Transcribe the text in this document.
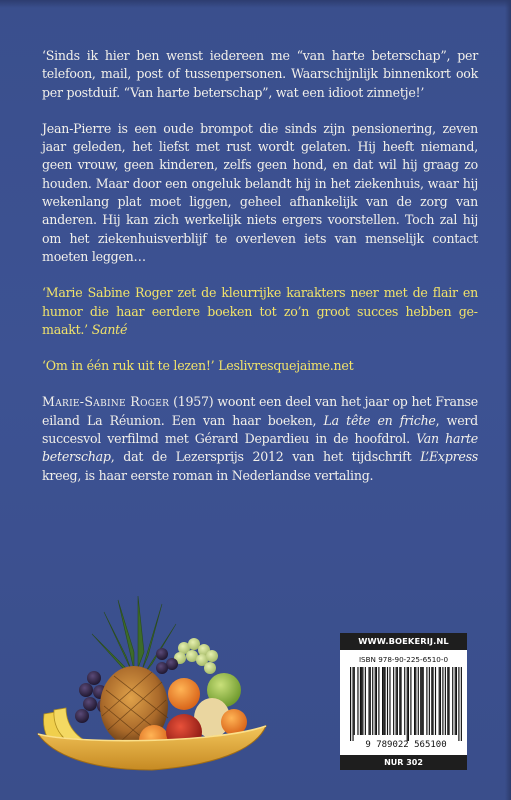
‘Sinds ik hier ben wenst iedereen me “van harte beterschap”, per telefoon, mail, post of tussenpersonen. Waarschijnlijk binnenkort ook per postduif. “Van harte beterschap”, wat een idioot zinnetje!’

Jean-Pierre is een oude brompot die sinds zijn pensionering, zeven jaar geleden, het liefst met rust wordt gelaten. Hij heeft niemand, geen vrouw, geen kinderen, zelfs geen hond, en dat wil hij graag zo houden. Maar door een ongeluk belandt hij in het ziekenhuis, waar hij wekenlang plat moet liggen, geheel afhankelijk van de zorg van anderen. Hij kan zich werkelijk niets ergers voorstellen. Toch zal hij om het ziekenhuisverblijf te overleven iets van menselijk contact moeten leggen…

‘Marie Sabine Roger zet de kleurrijke karakters neer met de flair en humor die haar eerdere boeken tot zo’n groot succes hebben gemaakt.’ Santé

‘Om in één ruk uit te lezen!’ Leslivresquejaime.net

Marie-Sabine Roger (1957) woont een deel van het jaar op het Franse eiland La Réunion. Een van haar boeken, La tête en friche, werd succesvol verfilmd met Gérard Depardieu in de hoofdrol. Van harte beterschap, dat de Lezersprijs 2012 van het tijdschrift L’Express kreeg, is haar eerste roman in Nederlandse vertaling.

WWW.BOEKERIJ.NL
ISBN 978-90-225-6510-0
9 789022 565100
NUR 302
